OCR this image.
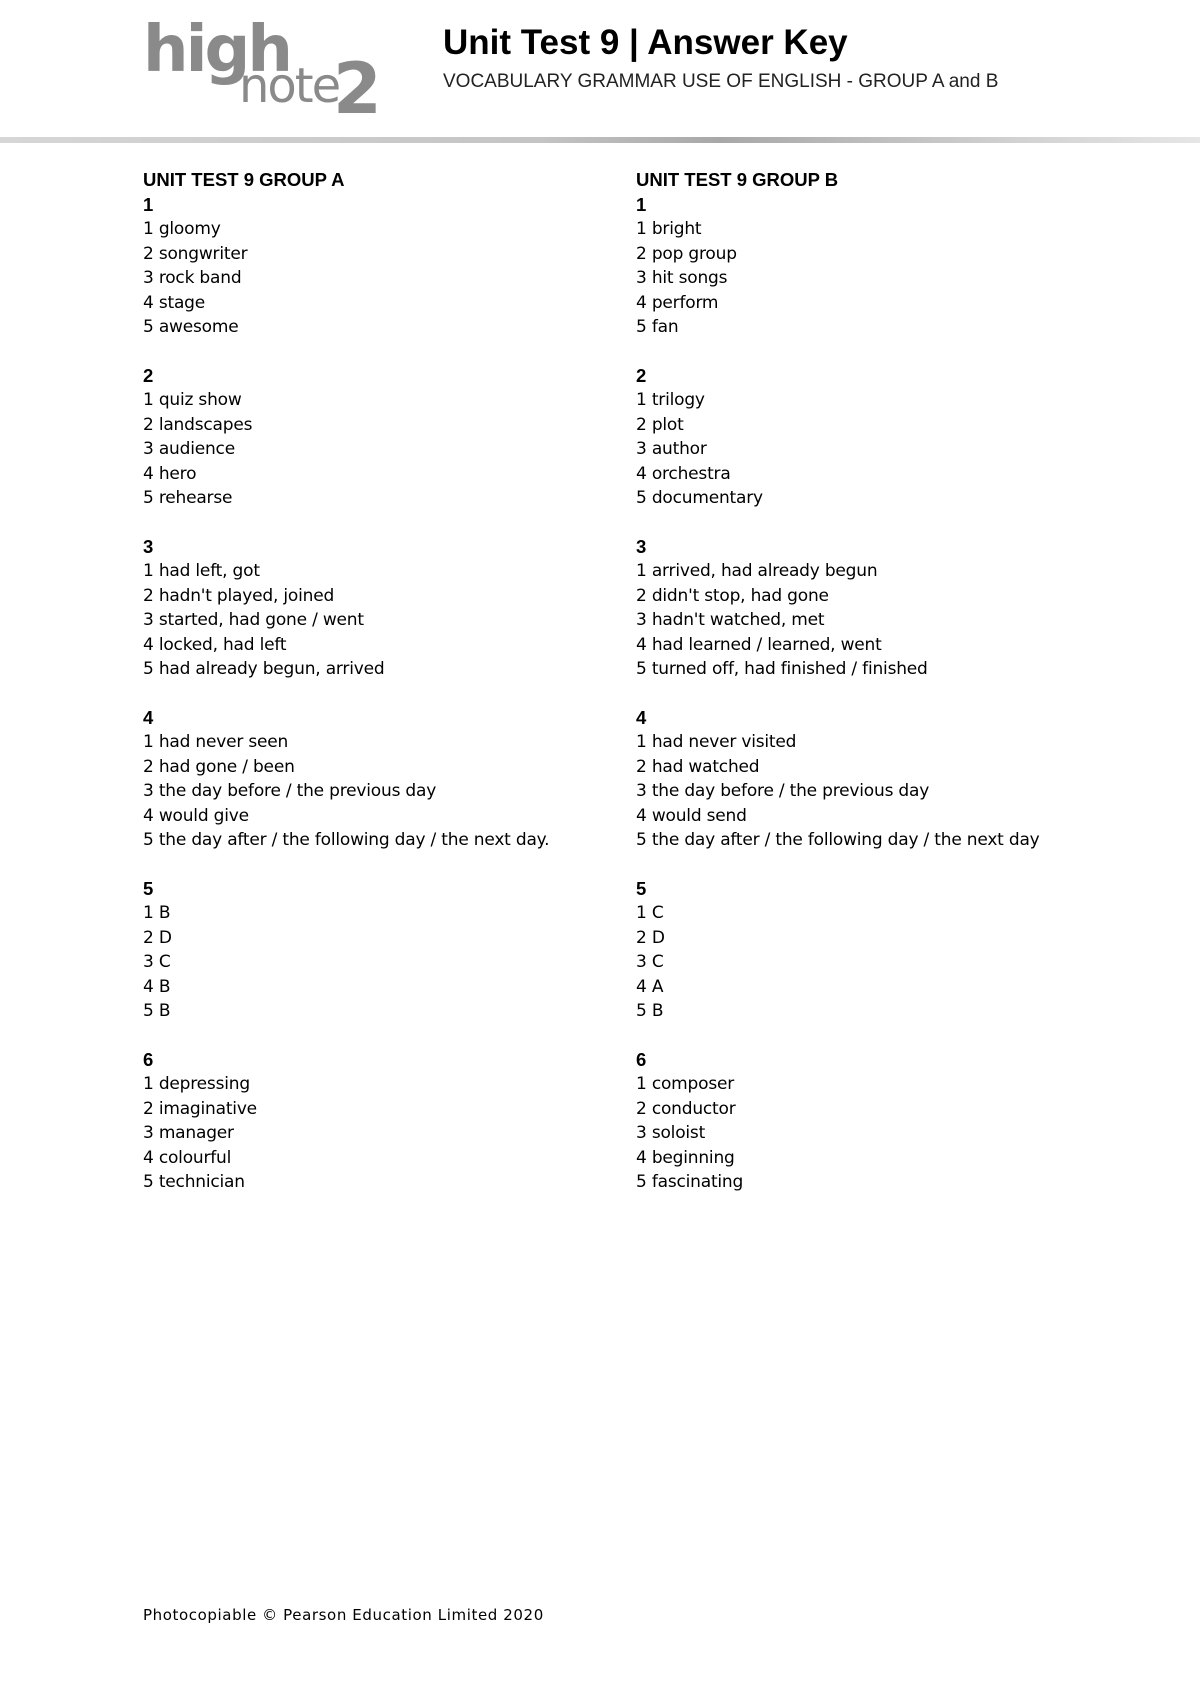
high
note
2
Unit Test 9 | Answer Key
VOCABULARY GRAMMAR USE OF ENGLISH - GROUP A and B
UNIT TEST 9 GROUP A
1
1 gloomy
2 songwriter
3 rock band
4 stage
5 awesome
2
1 quiz show
2 landscapes
3 audience
4 hero
5 rehearse
3
1 had left, got
2 hadn't played, joined
3 started, had gone / went
4 locked, had left
5 had already begun, arrived
4
1 had never seen
2 had gone / been
3 the day before / the previous day
4 would give
5 the day after / the following day / the next day.
5
1 B
2 D
3 C
4 B
5 B
6
1 depressing
2 imaginative
3 manager
4 colourful
5 technician
UNIT TEST 9 GROUP B
1
1 bright
2 pop group
3 hit songs
4 perform
5 fan
2
1 trilogy
2 plot
3 author
4 orchestra
5 documentary
3
1 arrived, had already begun
2 didn't stop, had gone
3 hadn't watched, met
4 had learned / learned, went
5 turned off, had finished / finished
4
1 had never visited
2 had watched
3 the day before / the previous day
4 would send
5 the day after / the following day / the next day
5
1 C
2 D
3 C
4 A
5 B
6
1 composer
2 conductor
3 soloist
4 beginning
5 fascinating
Photocopiable © Pearson Education Limited 2020
